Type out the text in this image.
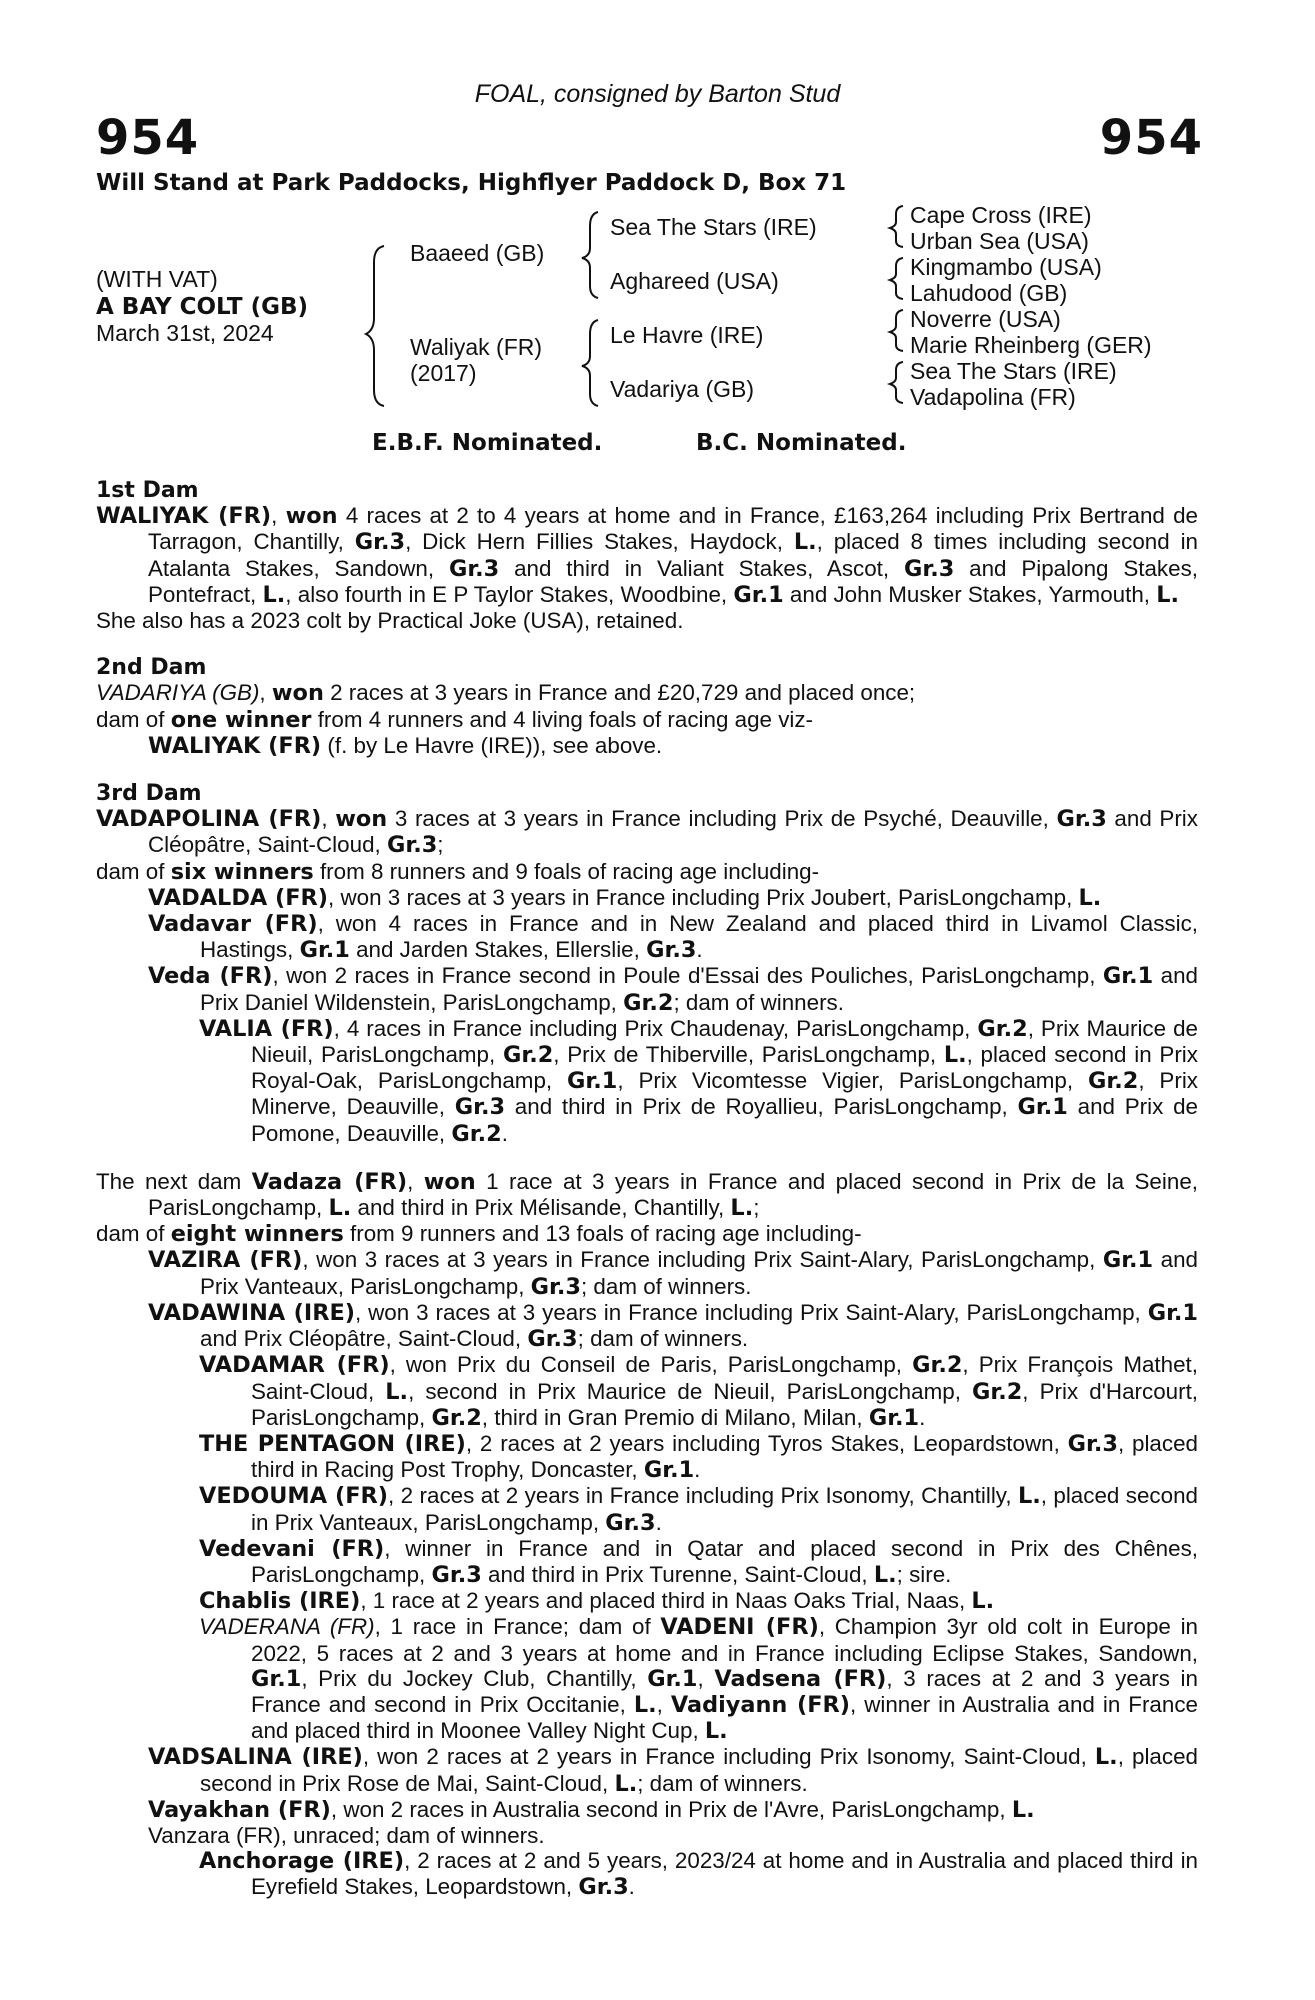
FOAL, consigned by Barton Stud
954	954
Will Stand at Park Paddocks, Highflyer Paddock D, Box 71
(WITH VAT)
A BAY COLT (GB)
March 31st, 2024
Baaeed (GB)
Waliyak (FR)
(2017)
Sea The Stars (IRE)
Aghareed (USA)
Le Havre (IRE)
Vadariya (GB)
Cape Cross (IRE)
Urban Sea (USA)
Kingmambo (USA)
Lahudood (GB)
Noverre (USA)
Marie Rheinberg (GER)
Sea The Stars (IRE)
Vadapolina (FR)
E.B.F. Nominated.	B.C. Nominated.

1st Dam

WALIYAK (FR), won 4 races at 2 to 4 years at home and in France, £163,264 including Prix Bertrand de Tarragon, Chantilly, Gr.3, Dick Hern Fillies Stakes, Haydock, L., placed 8 times including second in Atalanta Stakes, Sandown, Gr.3 and third in Valiant Stakes, Ascot, Gr.3 and Pipalong Stakes, Pontefract, L., also fourth in E P Taylor Stakes, Woodbine, Gr.1 and John Musker Stakes, Yarmouth, L.

She also has a 2023 colt by Practical Joke (USA), retained.

2nd Dam

VADARIYA (GB), won 2 races at 3 years in France and £20,729 and placed once;

dam of one winner from 4 runners and 4 living foals of racing age viz-

WALIYAK (FR) (f. by Le Havre (IRE)), see above.

3rd Dam

VADAPOLINA (FR), won 3 races at 3 years in France including Prix de Psyché, Deauville, Gr.3 and Prix Cléopâtre, Saint-Cloud, Gr.3;

dam of six winners from 8 runners and 9 foals of racing age including-

VADALDA (FR), won 3 races at 3 years in France including Prix Joubert, ParisLongchamp, L.

Vadavar (FR), won 4 races in France and in New Zealand and placed third in Livamol Classic, Hastings, Gr.1 and Jarden Stakes, Ellerslie, Gr.3.

Veda (FR), won 2 races in France second in Poule d'Essai des Pouliches, ParisLongchamp, Gr.1 and Prix Daniel Wildenstein, ParisLongchamp, Gr.2; dam of winners.

VALIA (FR), 4 races in France including Prix Chaudenay, ParisLongchamp, Gr.2, Prix Maurice de Nieuil, ParisLongchamp, Gr.2, Prix de Thiberville, ParisLongchamp, L., placed second in Prix Royal-Oak, ParisLongchamp, Gr.1, Prix Vicomtesse Vigier, ParisLongchamp, Gr.2, Prix Minerve, Deauville, Gr.3 and third in Prix de Royallieu, ParisLongchamp, Gr.1 and Prix de Pomone, Deauville, Gr.2.

The next dam Vadaza (FR), won 1 race at 3 years in France and placed second in Prix de la Seine, ParisLongchamp, L. and third in Prix Mélisande, Chantilly, L.;

dam of eight winners from 9 runners and 13 foals of racing age including-

VAZIRA (FR), won 3 races at 3 years in France including Prix Saint-Alary, ParisLongchamp, Gr.1 and Prix Vanteaux, ParisLongchamp, Gr.3; dam of winners.

VADAWINA (IRE), won 3 races at 3 years in France including Prix Saint-Alary, ParisLongchamp, Gr.1 and Prix Cléopâtre, Saint-Cloud, Gr.3; dam of winners.

VADAMAR (FR), won Prix du Conseil de Paris, ParisLongchamp, Gr.2, Prix François Mathet, Saint-Cloud, L., second in Prix Maurice de Nieuil, ParisLongchamp, Gr.2, Prix d'Harcourt, ParisLongchamp, Gr.2, third in Gran Premio di Milano, Milan, Gr.1.

THE PENTAGON (IRE), 2 races at 2 years including Tyros Stakes, Leopardstown, Gr.3, placed third in Racing Post Trophy, Doncaster, Gr.1.

VEDOUMA (FR), 2 races at 2 years in France including Prix Isonomy, Chantilly, L., placed second in Prix Vanteaux, ParisLongchamp, Gr.3.

Vedevani (FR), winner in France and in Qatar and placed second in Prix des Chênes, ParisLongchamp, Gr.3 and third in Prix Turenne, Saint-Cloud, L.; sire.

Chablis (IRE), 1 race at 2 years and placed third in Naas Oaks Trial, Naas, L.

VADERANA (FR), 1 race in France; dam of VADENI (FR), Champion 3yr old colt in Europe in 2022, 5 races at 2 and 3 years at home and in France including Eclipse Stakes, Sandown, Gr.1, Prix du Jockey Club, Chantilly, Gr.1, Vadsena (FR), 3 races at 2 and 3 years in France and second in Prix Occitanie, L., Vadiyann (FR), winner in Australia and in France and placed third in Moonee Valley Night Cup, L.

VADSALINA (IRE), won 2 races at 2 years in France including Prix Isonomy, Saint-Cloud, L., placed second in Prix Rose de Mai, Saint-Cloud, L.; dam of winners.

Vayakhan (FR), won 2 races in Australia second in Prix de l'Avre, ParisLongchamp, L.

Vanzara (FR), unraced; dam of winners.

Anchorage (IRE), 2 races at 2 and 5 years, 2023/24 at home and in Australia and placed third in Eyrefield Stakes, Leopardstown, Gr.3.
